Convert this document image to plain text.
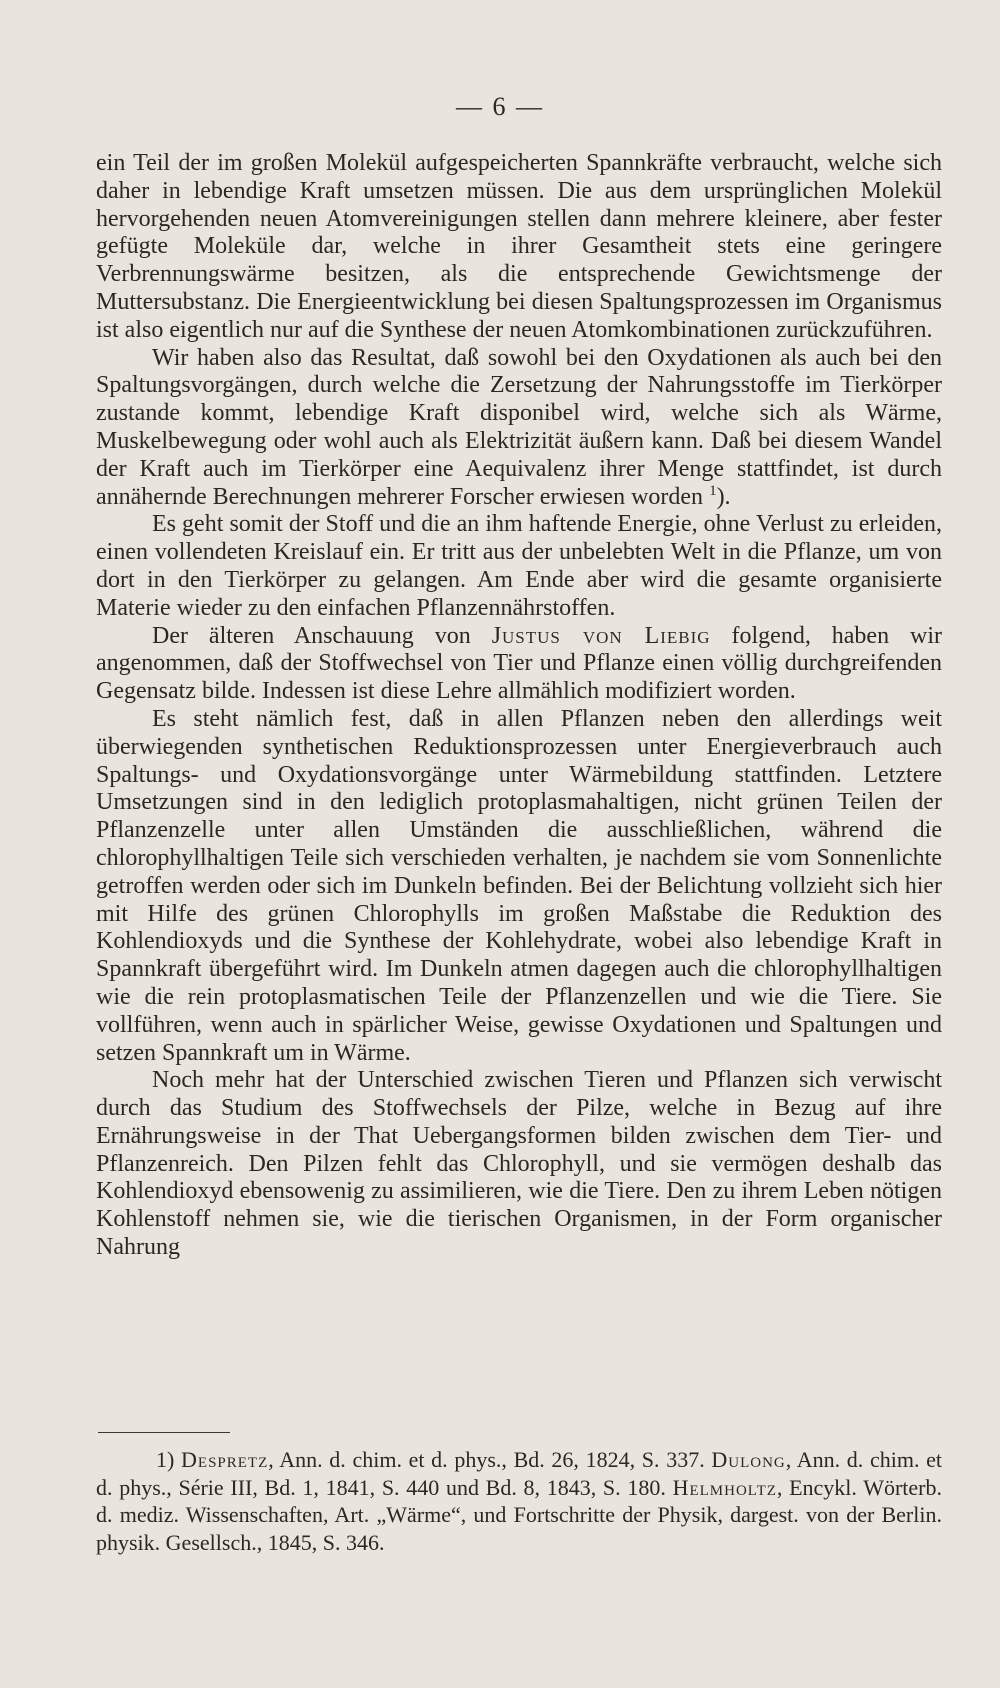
— 6 —

ein Teil der im großen Molekül aufgespeicherten Spannkräfte verbraucht, welche sich daher in lebendige Kraft umsetzen müssen. Die aus dem ursprünglichen Molekül hervorgehenden neuen Atomvereinigungen stellen dann mehrere kleinere, aber fester gefügte Moleküle dar, welche in ihrer Gesamtheit stets eine geringere Verbrennungswärme besitzen, als die entsprechende Gewichtsmenge der Muttersubstanz. Die Energieentwicklung bei diesen Spaltungsprozessen im Organismus ist also eigentlich nur auf die Synthese der neuen Atomkombinationen zurückzuführen.

Wir haben also das Resultat, daß sowohl bei den Oxydationen als auch bei den Spaltungsvorgängen, durch welche die Zersetzung der Nahrungsstoffe im Tierkörper zustande kommt, lebendige Kraft disponibel wird, welche sich als Wärme, Muskelbewegung oder wohl auch als Elektrizität äußern kann. Daß bei diesem Wandel der Kraft auch im Tierkörper eine Aequivalenz ihrer Menge stattfindet, ist durch annähernde Berechnungen mehrerer Forscher erwiesen worden $^1$).

Es geht somit der Stoff und die an ihm haftende Energie, ohne Verlust zu erleiden, einen vollendeten Kreislauf ein. Er tritt aus der unbelebten Welt in die Pflanze, um von dort in den Tierkörper zu gelangen. Am Ende aber wird die gesamte organisierte Materie wieder zu den einfachen Pflanzennährstoffen.

Der älteren Anschauung von Justus von Liebig folgend, haben wir angenommen, daß der Stoffwechsel von Tier und Pflanze einen völlig durchgreifenden Gegensatz bilde. Indessen ist diese Lehre allmählich modifiziert worden.

Es steht nämlich fest, daß in allen Pflanzen neben den allerdings weit überwiegenden synthetischen Reduktionsprozessen unter Energieverbrauch auch Spaltungs- und Oxydationsvorgänge unter Wärmebildung stattfinden. Letztere Umsetzungen sind in den lediglich protoplasmahaltigen, nicht grünen Teilen der Pflanzenzelle unter allen Umständen die ausschließlichen, während die chlorophyllhaltigen Teile sich verschieden verhalten, je nachdem sie vom Sonnenlichte getroffen werden oder sich im Dunkeln befinden. Bei der Belichtung vollzieht sich hier mit Hilfe des grünen Chlorophylls im großen Maßstabe die Reduktion des Kohlendioxyds und die Synthese der Kohlehydrate, wobei also lebendige Kraft in Spannkraft übergeführt wird. Im Dunkeln atmen dagegen auch die chlorophyllhaltigen wie die rein protoplasmatischen Teile der Pflanzenzellen und wie die Tiere. Sie vollführen, wenn auch in spärlicher Weise, gewisse Oxydationen und Spaltungen und setzen Spannkraft um in Wärme.

Noch mehr hat der Unterschied zwischen Tieren und Pflanzen sich verwischt durch das Studium des Stoffwechsels der Pilze, welche in Bezug auf ihre Ernährungsweise in der That Uebergangsformen bilden zwischen dem Tier- und Pflanzenreich. Den Pilzen fehlt das Chlorophyll, und sie vermögen deshalb das Kohlendioxyd ebensowenig zu assimilieren, wie die Tiere. Den zu ihrem Leben nötigen Kohlenstoff nehmen sie, wie die tierischen Organismen, in der Form organischer Nahrung

1) Despretz, Ann. d. chim. et d. phys., Bd. 26, 1824, S. 337. Dulong, Ann. d. chim. et d. phys., Série III, Bd. 1, 1841, S. 440 und Bd. 8, 1843, S. 180. Helmholtz, Encykl. Wörterb. d. mediz. Wissenschaften, Art. „Wärme“, und Fortschritte der Physik, dargest. von der Berlin. physik. Gesellsch., 1845, S. 346.
